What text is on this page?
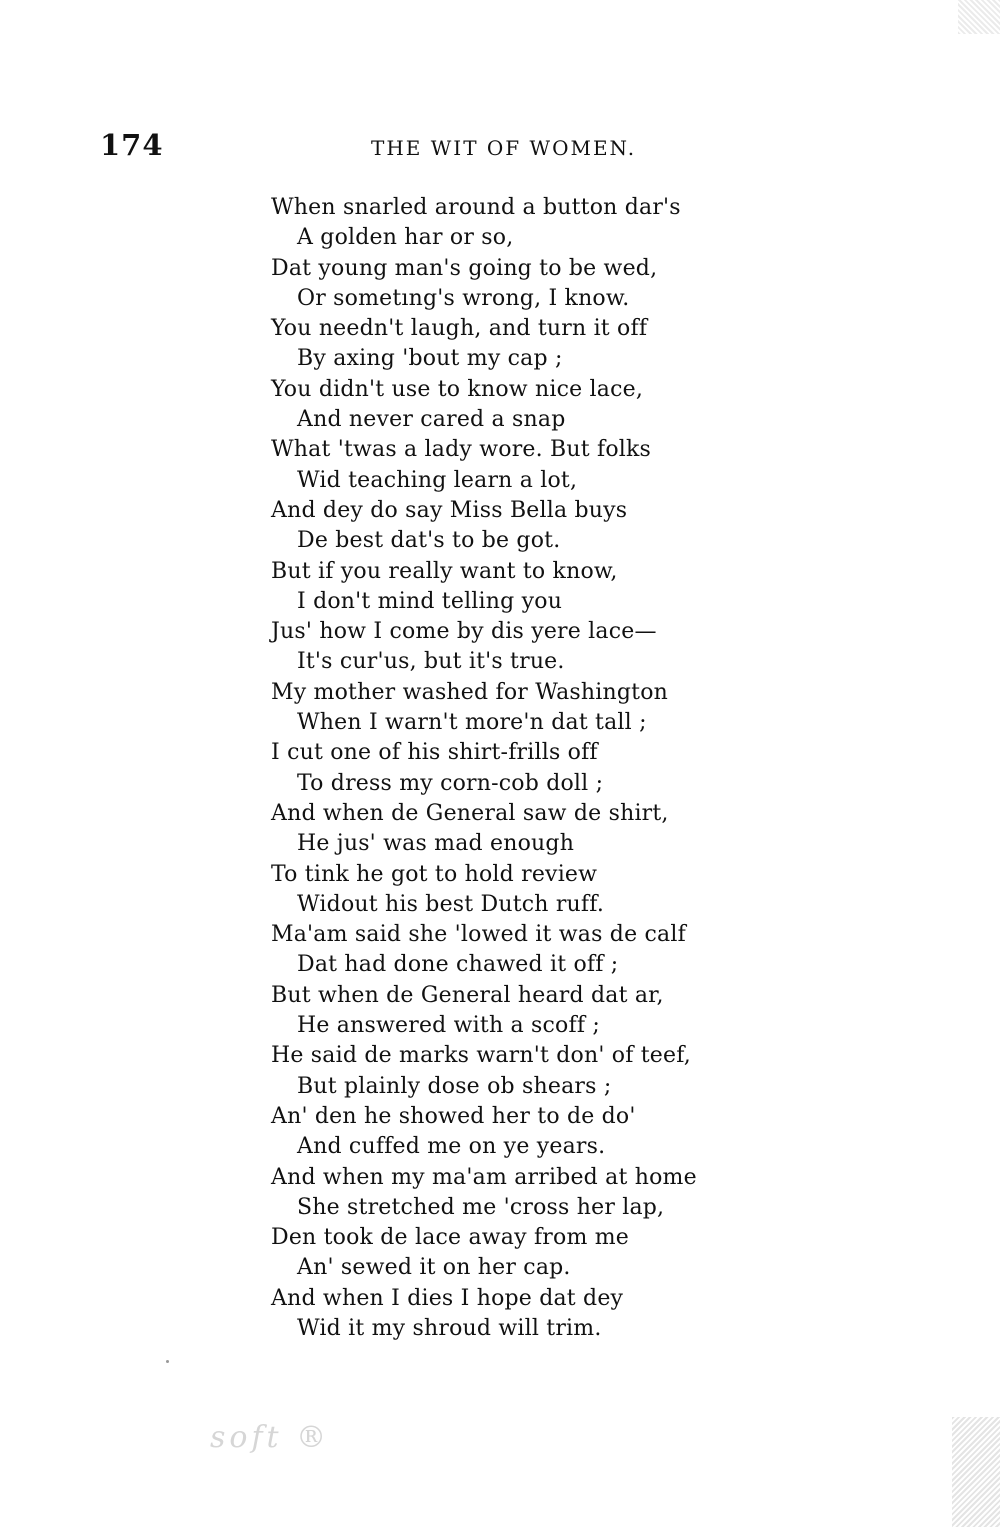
174	THE WIT OF WOMEN.
When snarled around a button dar's
A golden har or so,
Dat young man's going to be wed,
Or sometıng's wrong, I know.
You needn't laugh, and turn it off
By axing 'bout my cap ;
You didn't use to know nice lace,
And never cared a snap
What 'twas a lady wore. But folks
Wid teaching learn a lot,
And dey do say Miss Bella buys
De best dat's to be got.
But if you really want to know,
I don't mind telling you
Jus' how I come by dis yere lace—
It's cur'us, but it's true.
My mother washed for Washington
When I warn't more'n dat tall ;
I cut one of his shirt-frills off
To dress my corn-cob doll ;
And when de General saw de shirt,
He jus' was mad enough
To tink he got to hold review
Widout his best Dutch ruff.
Ma'am said she 'lowed it was de calf
Dat had done chawed it off ;
But when de General heard dat ar,
He answered with a scoff ;
He said de marks warn't don' of teef,
But plainly dose ob shears ;
An' den he showed her to de do'
And cuffed me on ye years.
And when my ma'am arribed at home
She stretched me 'cross her lap,
Den took de lace away from me
An' sewed it on her cap.
And when I dies I hope dat dey
Wid it my shroud will trim.
soft ®
